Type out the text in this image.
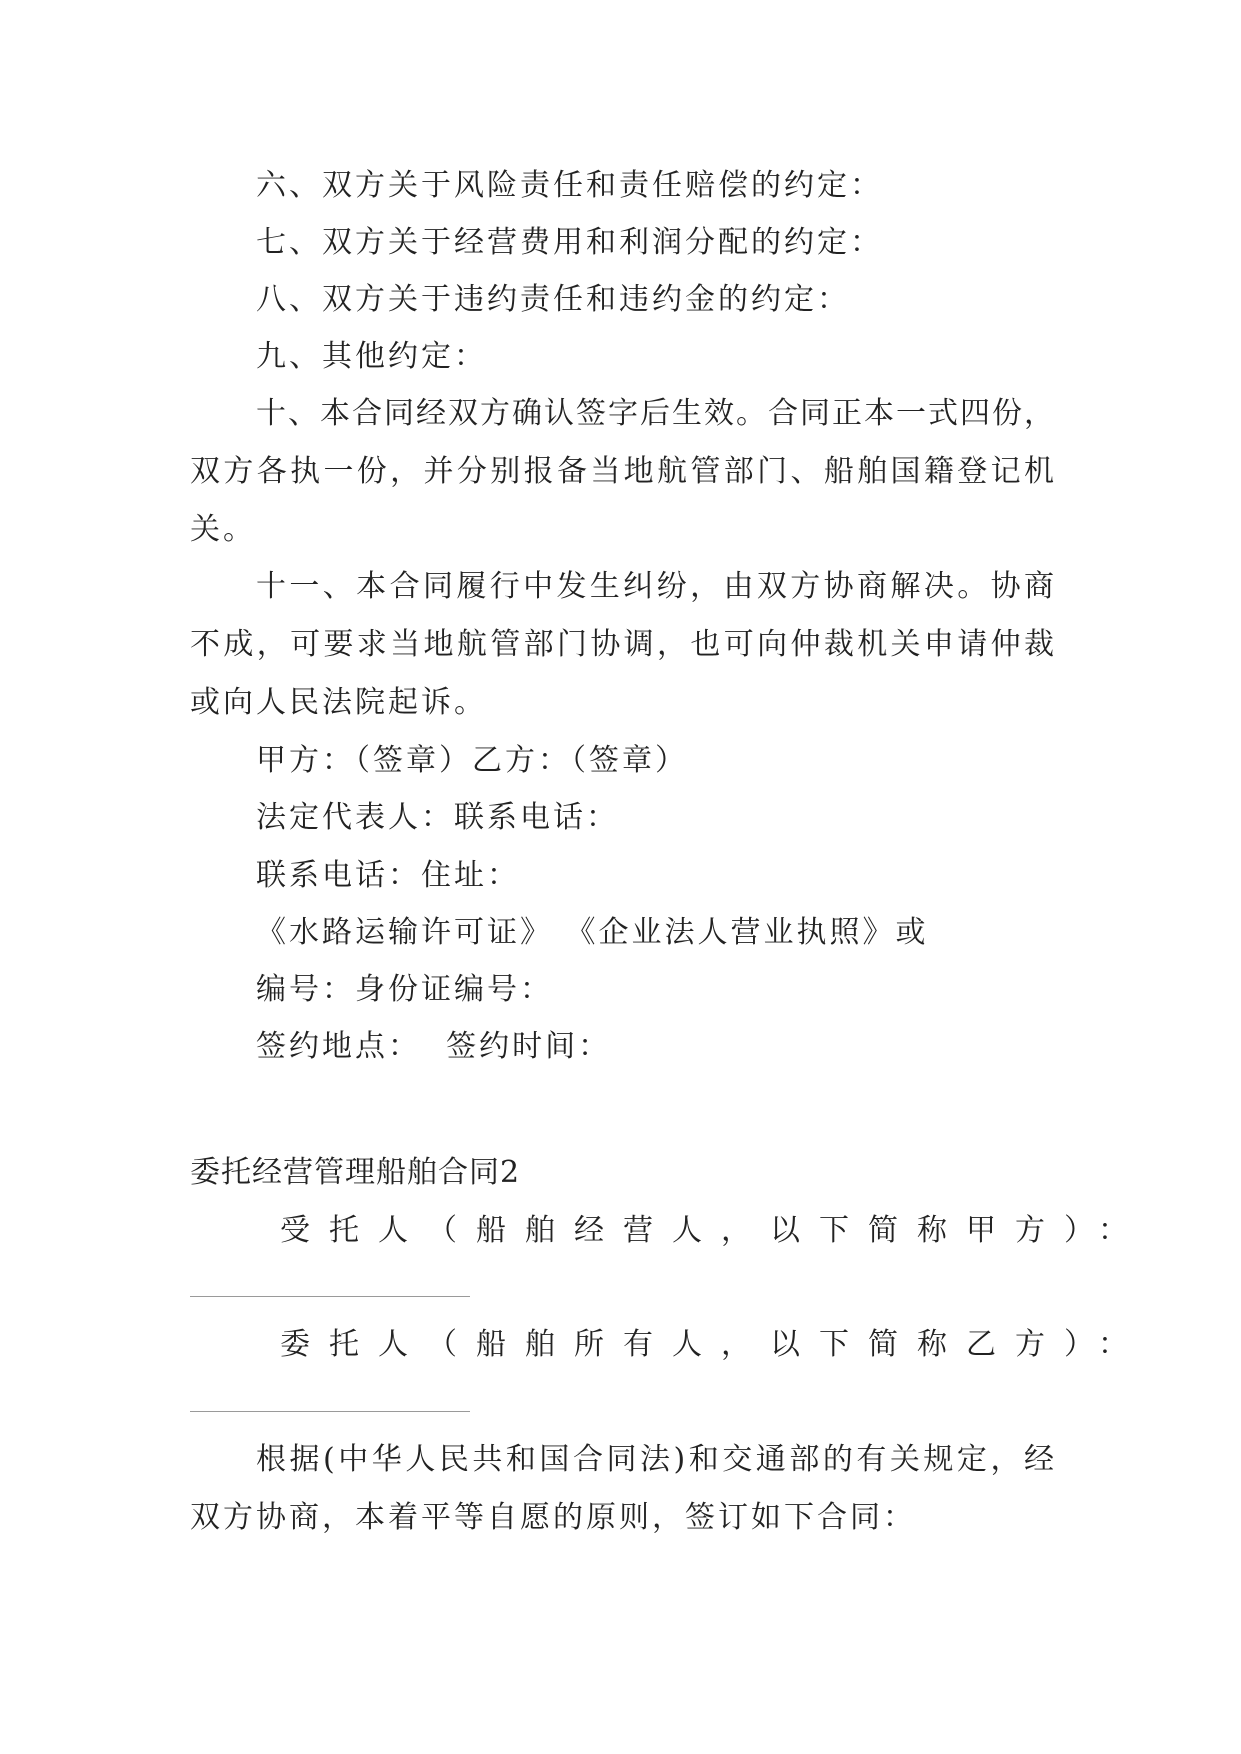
六、双方关于风险责任和责任赔偿的约定：
七、双方关于经营费用和利润分配的约定：
八、双方关于违约责任和违约金的约定：
九、其他约定：
十、本合同经双方确认签字后生效。合同正本一式四份，
双方各执一份，并分别报备当地航管部门、船舶国籍登记机
关。
十一、本合同履行中发生纠纷，由双方协商解决。协商
不成，可要求当地航管部门协调，也可向仲裁机关申请仲裁
或向人民法院起诉。
甲方：（签章）乙方：（签章）
法定代表人：联系电话：
联系电话：住址：
《水路运输许可证》 《企业法人营业执照》或
编号：身份证编号：
签约地点：  签约时间：
委托经营管理船舶合同2
受托人（船舶经营人，以下简称甲方）：
委托人（船舶所有人，以下简称乙方）：
根据(中华人民共和国合同法)和交通部的有关规定，经
双方协商，本着平等自愿的原则，签订如下合同：
